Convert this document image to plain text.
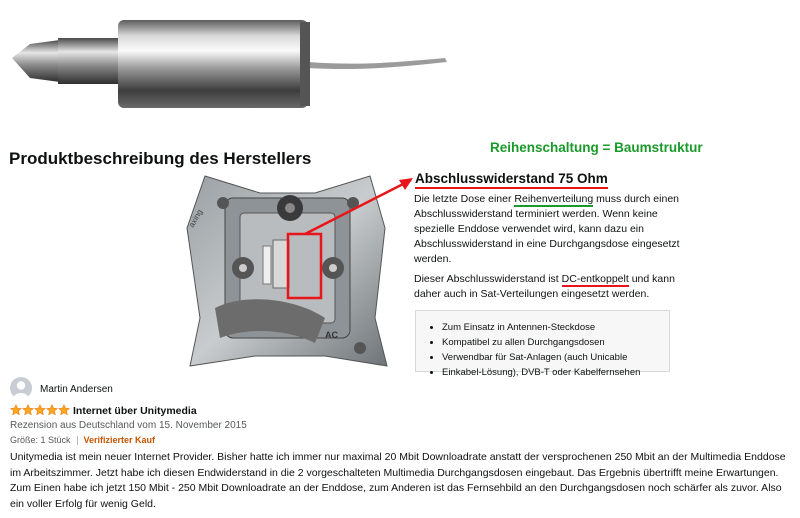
Reihenschaltung = Baumstruktur
Produktbeschreibung des Herstellers
axing
AC
Abschlusswiderstand 75 Ohm
Die letzte Dose einer Reihenverteilung muss durch einen Abschlusswiderstand terminiert werden. Wenn keine spezielle Enddose verwendet wird, kann dazu ein Abschlusswiderstand in eine Durchgangsdose eingesetzt werden.
Dieser Abschlusswiderstand ist DC-entkoppelt und kann daher auch in Sat-Verteilungen eingesetzt werden.
• Zum Einsatz in Antennen-Steckdose
• Kompatibel zu allen Durchgangsdosen
• Verwendbar für Sat-Anlagen (auch Unicable
• Einkabel-Lösung), DVB-T oder Kabelfernsehen
Martin Andersen
Internet über Unitymedia
Rezension aus Deutschland vom 15. November 2015
Größe: 1 Stück Verifizierter Kauf
Unitymedia ist mein neuer Internet Provider. Bisher hatte ich immer nur maximal 20 Mbit Downloadrate anstatt der versprochenen 250 Mbit an der Multimedia Enddose im Arbeitszimmer. Jetzt habe ich diesen Endwiderstand in die 2 vorgeschalteten Multimedia Durchgangsdosen eingebaut. Das Ergebnis übertrifft meine Erwartungen. Zum Einen habe ich jetzt 150 Mbit - 250 Mbit Downloadrate an der Enddose, zum Anderen ist das Fernsehbild an den Durchgangsdosen noch schärfer als zuvor. Also ein voller Erfolg für wenig Geld.
